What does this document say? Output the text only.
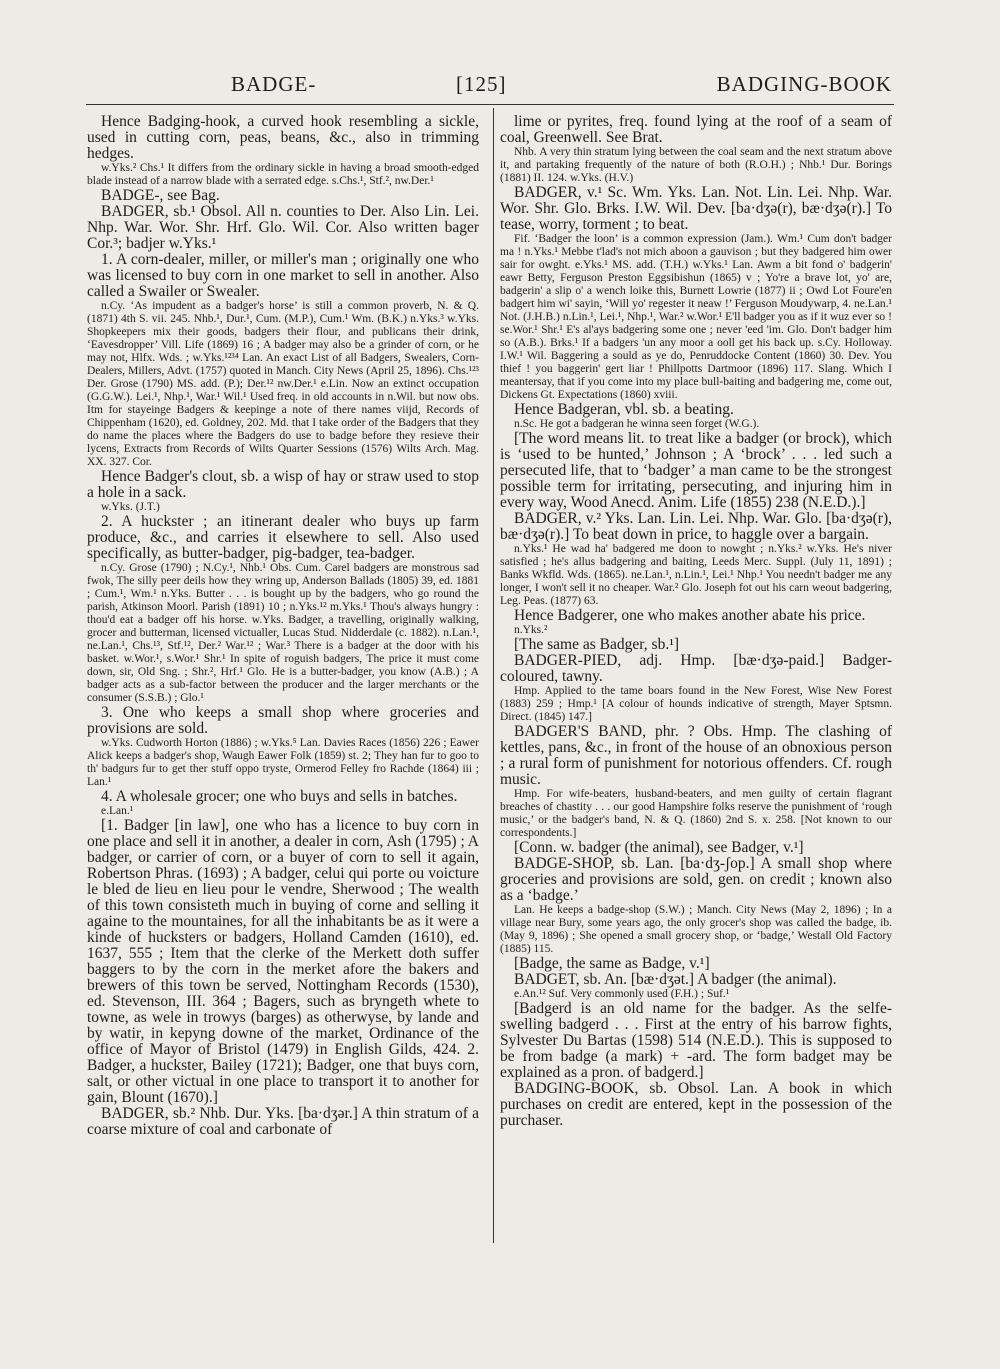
BADGE-	[125]	BADGING-BOOK

Hence Badging-hook, a curved hook resembling a sickle, used in cutting corn, peas, beans, &c., also in trimming hedges.

w.Yks.² Chs.¹ It differs from the ordinary sickle in having a broad smooth-edged blade instead of a narrow blade with a serrated edge. s.Chs.¹, Stf.², nw.Der.¹

BADGE-, see Bag.

BADGER, sb.¹ Obsol. All n. counties to Der. Also Lin. Lei. Nhp. War. Wor. Shr. Hrf. Glo. Wil. Cor. Also written bager Cor.³; badjer w.Yks.¹

1. A corn-dealer, miller, or miller's man ; originally one who was licensed to buy corn in one market to sell in another. Also called a Swailer or Swealer.

n.Cy. ‘As impudent as a badger's horse’ is still a common proverb, N. & Q. (1871) 4th S. vii. 245. Nhb.¹, Dur.¹, Cum. (M.P.), Cum.¹ Wm. (B.K.) n.Yks.³ w.Yks. Shopkeepers mix their goods, badgers their flour, and publicans their drink, ‘Eavesdropper’ Vill. Life (1869) 16 ; A badger may also be a grinder of corn, or he may not, Hlfx. Wds. ; w.Yks.¹²³⁴ Lan. An exact List of all Badgers, Swealers, Corn-Dealers, Millers, Advt. (1757) quoted in Manch. City News (April 25, 1896). Chs.¹²³ Der. Grose (1790) MS. add. (P.); Der.¹² nw.Der.¹ e.Lin. Now an extinct occupation (G.G.W.). Lei.¹, Nhp.¹, War.¹ Wil.¹ Used freq. in old accounts in n.Wil. but now obs. Itm for stayeinge Badgers & keepinge a note of there names viijd, Records of Chippenham (1620), ed. Goldney, 202. Md. that I take order of the Badgers that they do name the places where the Badgers do use to badge before they resieve their lycens, Extracts from Records of Wilts Quarter Sessions (1576) Wilts Arch. Mag. XX. 327. Cor.

Hence Badger's clout, sb. a wisp of hay or straw used to stop a hole in a sack.

w.Yks. (J.T.)

2. A huckster ; an itinerant dealer who buys up farm produce, &c., and carries it elsewhere to sell. Also used specifically, as butter-badger, pig-badger, tea-badger.

n.Cy. Grose (1790) ; N.Cy.¹, Nhb.¹ Obs. Cum. Carel badgers are monstrous sad fwok, The silly peer deils how they wring up, Anderson Ballads (1805) 39, ed. 1881 ; Cum.¹, Wm.¹ n.Yks. Butter . . . is bought up by the badgers, who go round the parish, Atkinson Moorl. Parish (1891) 10 ; n.Yks.¹² m.Yks.¹ Thou's always hungry : thou'd eat a badger off his horse. w.Yks. Badger, a travelling, originally walking, grocer and butterman, licensed victualler, Lucas Stud. Nidderdale (c. 1882). n.Lan.¹, ne.Lan.¹, Chs.¹³, Stf.¹², Der.² War.¹² ; War.³ There is a badger at the door with his basket. w.Wor.¹, s.Wor.¹ Shr.¹ In spite of roguish badgers, The price it must come down, sir, Old Sng. ; Shr.², Hrf.¹ Glo. He is a butter-badger, you know (A.B.) ; A badger acts as a sub-factor between the producer and the larger merchants or the consumer (S.S.B.) ; Glo.¹

3. One who keeps a small shop where groceries and provisions are sold.

w.Yks. Cudworth Horton (1886) ; w.Yks.⁵ Lan. Davies Races (1856) 226 ; Eawer Alick keeps a badger's shop, Waugh Eawer Folk (1859) st. 2; They han fur to goo to th' badgurs fur to get ther stuff oppo tryste, Ormerod Felley fro Rachde (1864) iii ; Lan.¹

4. A wholesale grocer; one who buys and sells in batches.

e.Lan.¹

[1. Badger [in law], one who has a licence to buy corn in one place and sell it in another, a dealer in corn, Ash (1795) ; A badger, or carrier of corn, or a buyer of corn to sell it again, Robertson Phras. (1693) ; A badger, celui qui porte ou voicture le bled de lieu en lieu pour le vendre, Sherwood ; The wealth of this town consisteth much in buying of corne and selling it againe to the mountaines, for all the inhabitants be as it were a kinde of hucksters or badgers, Holland Camden (1610), ed. 1637, 555 ; Item that the clerke of the Merkett doth suffer baggers to by the corn in the merket afore the bakers and brewers of this town be served, Nottingham Records (1530), ed. Stevenson, III. 364 ; Bagers, such as bryngeth whete to towne, as wele in trowys (barges) as otherwyse, by lande and by watir, in kepyng downe of the market, Ordinance of the office of Mayor of Bristol (1479) in English Gilds, 424. 2. Badger, a huckster, Bailey (1721); Badger, one that buys corn, salt, or other victual in one place to transport it to another for gain, Blount (1670).]

BADGER, sb.² Nhb. Dur. Yks. [ba·dʒər.] A thin stratum of a coarse mixture of coal and carbonate of

lime or pyrites, freq. found lying at the roof of a seam of coal, Greenwell. See Brat.

Nhb. A very thin stratum lying between the coal seam and the next stratum above it, and partaking frequently of the nature of both (R.O.H.) ; Nhb.¹ Dur. Borings (1881) II. 124. w.Yks. (H.V.)

BADGER, v.¹ Sc. Wm. Yks. Lan. Not. Lin. Lei. Nhp. War. Wor. Shr. Glo. Brks. I.W. Wil. Dev. [ba·dʒə(r), bæ·dʒə(r).] To tease, worry, torment ; to beat.

Fif. ‘Badger the loon’ is a common expression (Jam.). Wm.¹ Cum don't badger ma ! n.Yks.¹ Mebbe t'lad's not mich aboon a gauvison ; but they badgered him ower sair for owght. e.Yks.¹ MS. add. (T.H.) w.Yks.¹ Lan. Awm a bit fond o' badgerin' eawr Betty, Ferguson Preston Eggsibishun (1865) v ; Yo're a brave lot, yo' are, badgerin' a slip o' a wench loike this, Burnett Lowrie (1877) ii ; Owd Lot Foure'en badgert him wi' sayin, ‘Will yo' regester it neaw !’ Ferguson Moudywarp, 4. ne.Lan.¹ Not. (J.H.B.) n.Lin.¹, Lei.¹, Nhp.¹, War.² w.Wor.¹ E'll badger you as if it wuz ever so ! se.Wor.¹ Shr.¹ E's al'ays badgering some one ; never 'eed 'im. Glo. Don't badger him so (A.B.). Brks.¹ If a badgers 'un any moor a ooll get his back up. s.Cy. Holloway. I.W.¹ Wil. Baggering a sould as ye do, Penruddocke Content (1860) 30. Dev. You thief ! you baggerin' gert liar ! Phillpotts Dartmoor (1896) 117. Slang. Which I meantersay, that if you come into my place bull-baiting and badgering me, come out, Dickens Gt. Expectations (1860) xviii.

Hence Badgeran, vbl. sb. a beating.

n.Sc. He got a badgeran he winna seen forget (W.G.).

[The word means lit. to treat like a badger (or brock), which is ‘used to be hunted,’ Johnson ; A ‘brock’ . . . led such a persecuted life, that to ‘badger’ a man came to be the strongest possible term for irritating, persecuting, and injuring him in every way, Wood Anecd. Anim. Life (1855) 238 (N.E.D.).]

BADGER, v.² Yks. Lan. Lin. Lei. Nhp. War. Glo. [ba·dʒə(r), bæ·dʒə(r).] To beat down in price, to haggle over a bargain.

n.Yks.¹ He wad ha' badgered me doon to nowght ; n.Yks.² w.Yks. He's niver satisfied ; he's allus badgering and baiting, Leeds Merc. Suppl. (July 11, 1891) ; Banks Wkfld. Wds. (1865). ne.Lan.¹, n.Lin.¹, Lei.¹ Nhp.¹ You needn't badger me any longer, I won't sell it no cheaper. War.² Glo. Joseph fot out his carn weout badgering, Leg. Peas. (1877) 63.

Hence Badgerer, one who makes another abate his price.

n.Yks.²

[The same as Badger, sb.¹]

BADGER-PIED, adj. Hmp. [bæ·dʒə-paid.] Badger-coloured, tawny.

Hmp. Applied to the tame boars found in the New Forest, Wise New Forest (1883) 259 ; Hmp.¹ [A colour of hounds indicative of strength, Mayer Sptsmn. Direct. (1845) 147.]

BADGER'S BAND, phr. ? Obs. Hmp. The clashing of kettles, pans, &c., in front of the house of an obnoxious person ; a rural form of punishment for notorious offenders. Cf. rough music.

Hmp. For wife-beaters, husband-beaters, and men guilty of certain flagrant breaches of chastity . . . our good Hampshire folks reserve the punishment of ‘rough music,’ or the badger's band, N. & Q. (1860) 2nd S. x. 258. [Not known to our correspondents.]

[Conn. w. badger (the animal), see Badger, v.¹]

BADGE-SHOP, sb. Lan. [ba·dʒ-ʃop.] A small shop where groceries and provisions are sold, gen. on credit ; known also as a ‘badge.’

Lan. He keeps a badge-shop (S.W.) ; Manch. City News (May 2, 1896) ; In a village near Bury, some years ago, the only grocer's shop was called the badge, ib. (May 9, 1896) ; She opened a small grocery shop, or ‘badge,’ Westall Old Factory (1885) 115.

[Badge, the same as Badge, v.¹]

BADGET, sb. An. [bæ·dʒət.] A badger (the animal).

e.An.¹² Suf. Very commonly used (F.H.) ; Suf.¹

[Badgerd is an old name for the badger. As the selfe-swelling badgerd . . . First at the entry of his barrow fights, Sylvester Du Bartas (1598) 514 (N.E.D.). This is supposed to be from badge (a mark) + -ard. The form badget may be explained as a pron. of badgerd.]

BADGING-BOOK, sb. Obsol. Lan. A book in which purchases on credit are entered, kept in the possession of the purchaser.
